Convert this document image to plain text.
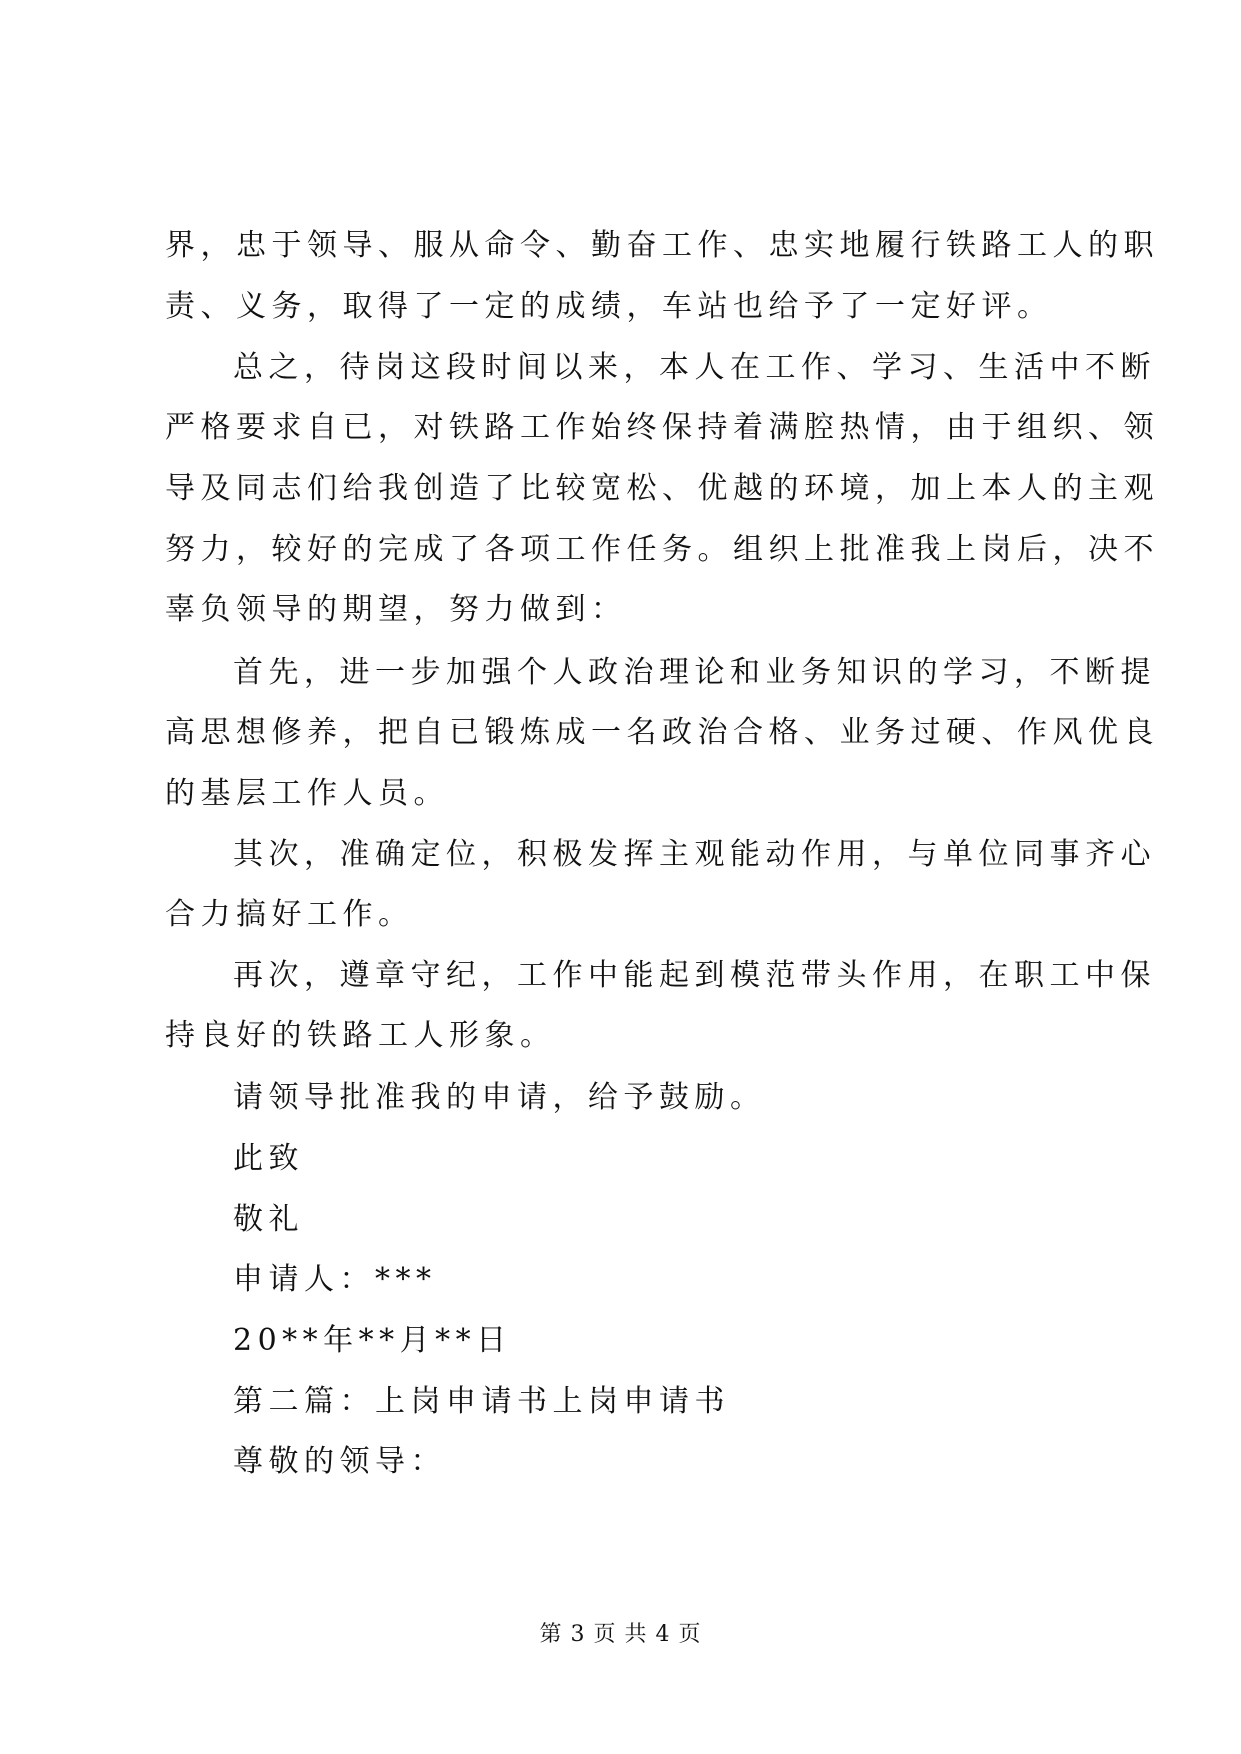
界，忠于领导、服从命令、勤奋工作、忠实地履行铁路工人的职
责、义务，取得了一定的成绩，车站也给予了一定好评。
总之，待岗这段时间以来，本人在工作、学习、生活中不断
严格要求自已，对铁路工作始终保持着满腔热情，由于组织、领
导及同志们给我创造了比较宽松、优越的环境，加上本人的主观
努力，较好的完成了各项工作任务。组织上批准我上岗后，决不
辜负领导的期望，努力做到：
首先，进一步加强个人政治理论和业务知识的学习，不断提
高思想修养，把自已锻炼成一名政治合格、业务过硬、作风优良
的基层工作人员。
其次，准确定位，积极发挥主观能动作用，与单位同事齐心
合力搞好工作。
再次，遵章守纪，工作中能起到模范带头作用，在职工中保
持良好的铁路工人形象。
请领导批准我的申请，给予鼓励。
此致
敬礼
申请人：***
20**年**月**日
第二篇：上岗申请书上岗申请书
尊敬的领导：
第 3 页 共 4 页
